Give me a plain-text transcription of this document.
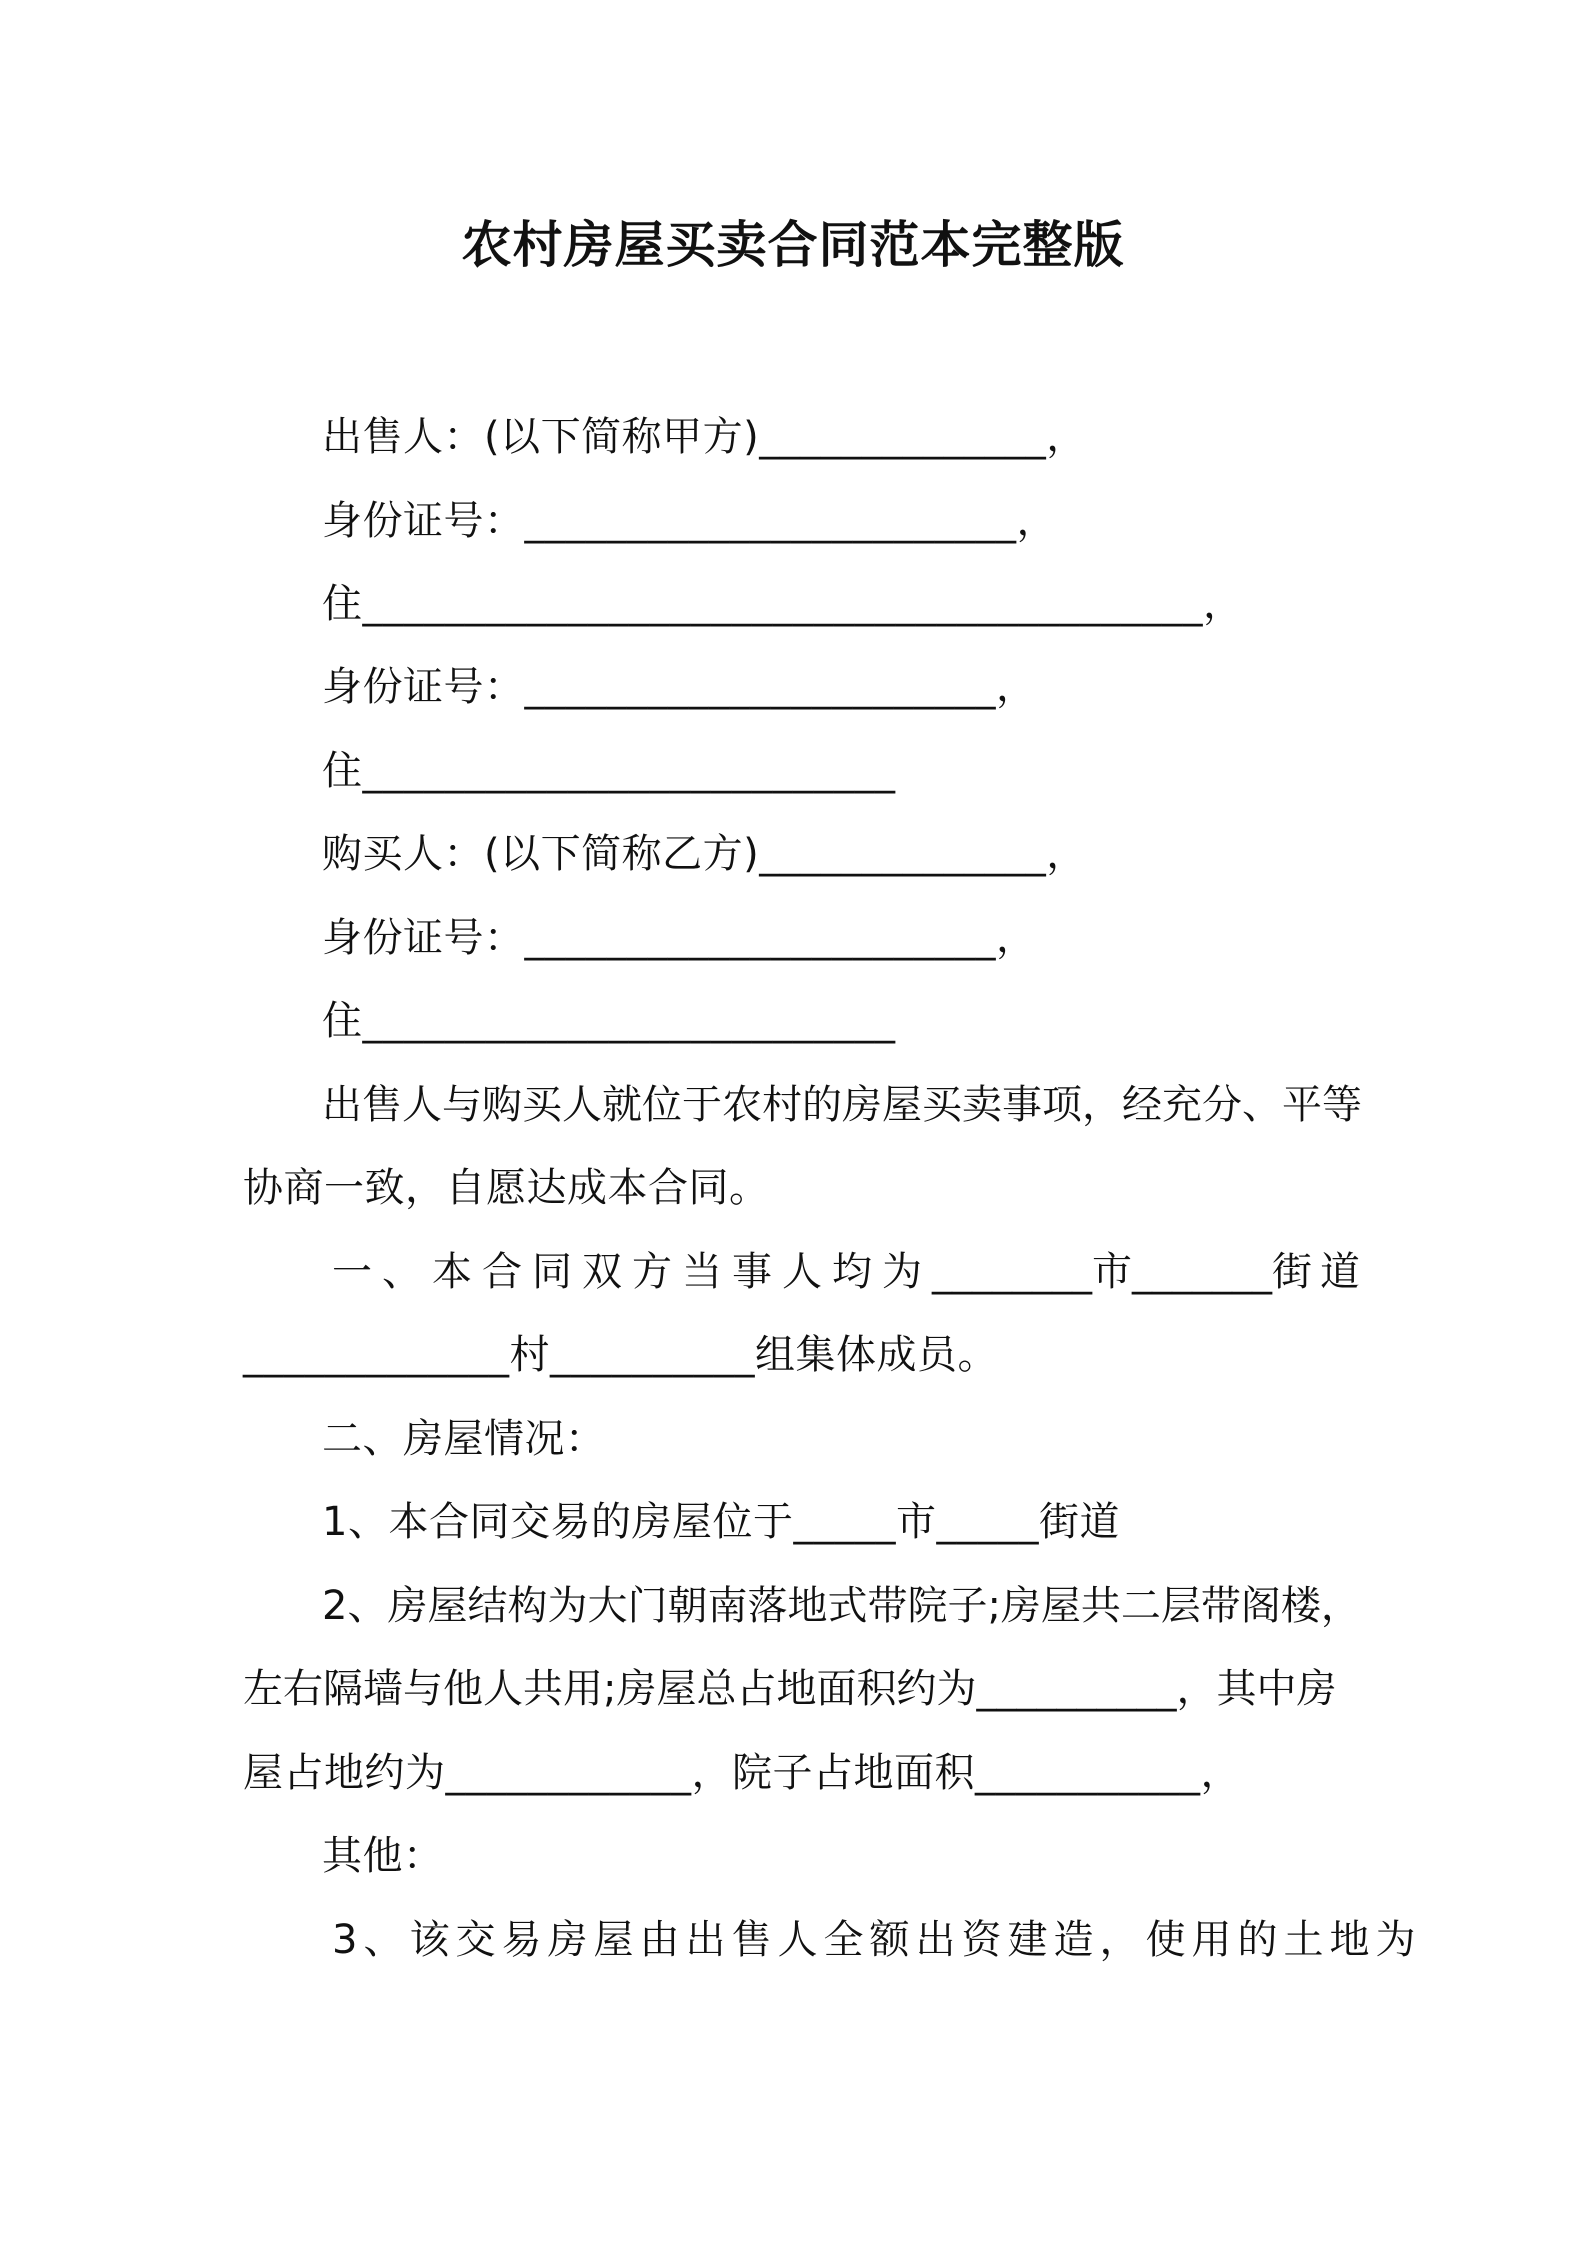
农村房屋买卖合同范本完整版
出售人：(以下简称甲方)______________，
身份证号：________________________，
住_________________________________________，
身份证号：_______________________，
住__________________________
购买人：(以下简称乙方)______________，
身份证号：_______________________，
住__________________________
出售人与购买人就位于农村的房屋买卖事项，经充分、平等
协商一致，自愿达成本合同。
一、本合同双方当事人均为 ________ 市 _______ 街道
_____________村__________组集体成员。
二、房屋情况：
1、本合同交易的房屋位于_____市_____街道
2、房屋结构为大门朝南落地式带院子;房屋共二层带阁楼，
左右隔墙与他人共用;房屋总占地面积约为__________，其中房
屋占地约为____________，院子占地面积___________，
其他：
3、该交易房屋由出售人全额出资建造，使用的土地为
